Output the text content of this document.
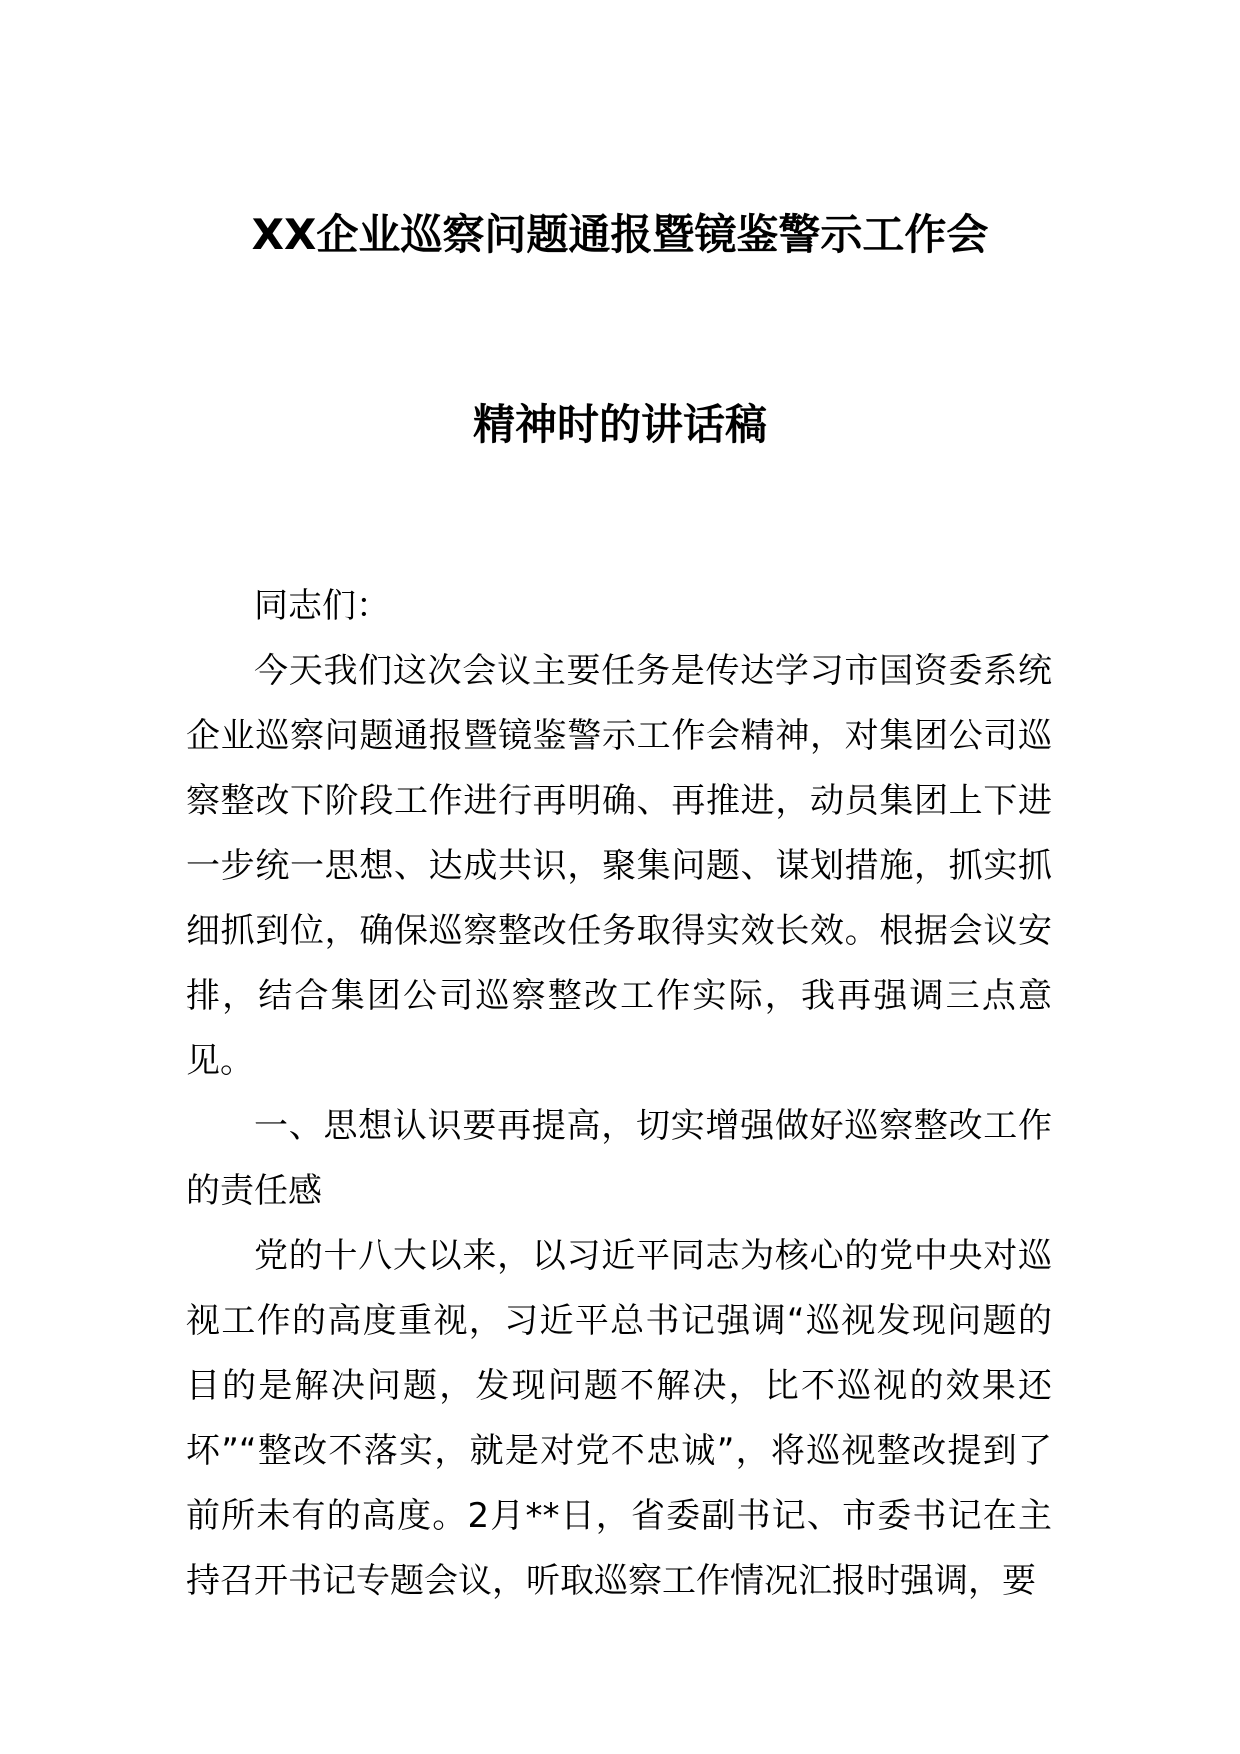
XX企业巡察问题通报暨镜鉴警示工作会
精神时的讲话稿

同志们：

今天我们这次会议主要任务是传达学习市国资委系统企业巡察问题通报暨镜鉴警示工作会精神，对集团公司巡察整改下阶段工作进行再明确、再推进，动员集团上下进一步统一思想、达成共识，聚集问题、谋划措施，抓实抓细抓到位，确保巡察整改任务取得实效长效。根据会议安排，结合集团公司巡察整改工作实际，我再强调三点意见。

一、思想认识要再提高，切实增强做好巡察整改工作的责任感

党的十八大以来，以习近平同志为核心的党中央对巡视工作的高度重视，习近平总书记强调“巡视发现问题的目的是解决问题，发现问题不解决，比不巡视的效果还坏”“整改不落实，就是对党不忠诚”，将巡视整改提到了前所未有的高度。2月**日，省委副书记、市委书记在主持召开书记专题会议，听取巡察工作情况汇报时强调，要
